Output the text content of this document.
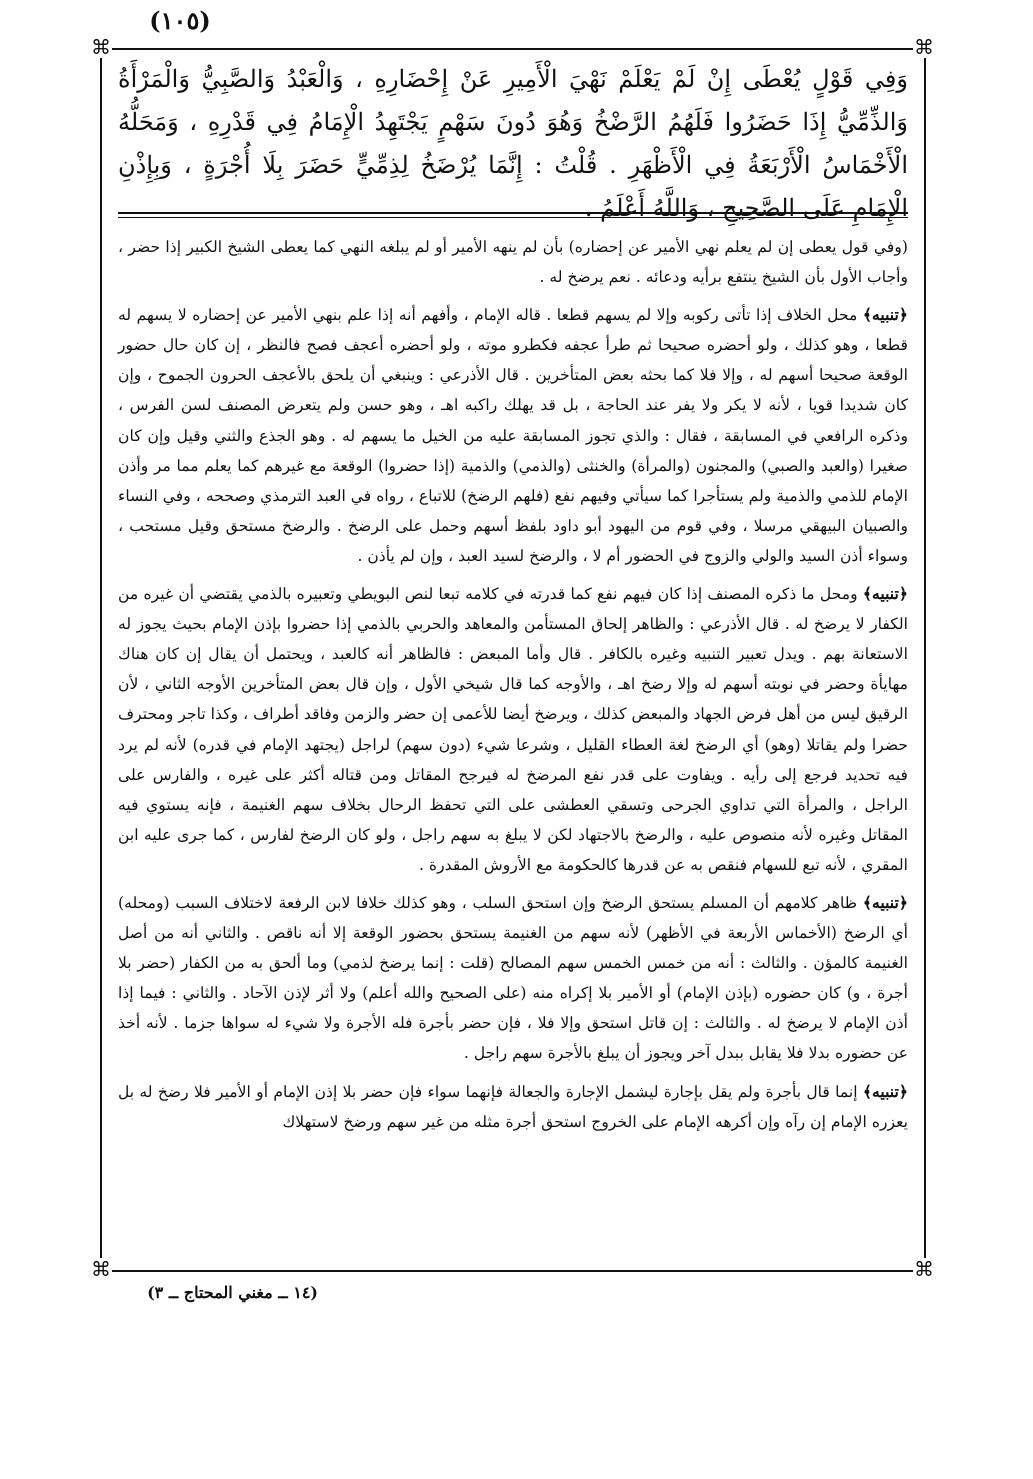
(١٠٥)
⌘	⌘
⌘	⌘
وَفِي قَوْلٍ يُعْطَى إِنْ لَمْ يَعْلَمْ نَهْيَ الْأَمِيرِ عَنْ إِحْضَارِهِ ، وَالْعَبْدُ وَالصَّبِيُّ وَالْمَرْأَةُ وَالذِّمِّيُّ إِذَا حَضَرُوا فَلَهُمُ الرَّضْخُ وَهُوَ دُونَ سَهْمٍ يَجْتَهِدُ الْإِمَامُ فِي قَدْرِهِ ، وَمَحَلُّهُ الْأَخْمَاسُ الْأَرْبَعَةُ فِي الْأَظْهَرِ . قُلْتُ : إِنَّمَا يُرْضَخُ لِذِمِّيٍّ حَضَرَ بِلَا أُجْرَةٍ ، وَبِإِذْنِ الْإِمَامِ عَلَى الصَّحِيحِ ، وَاللَّهُ أَعْلَمُ .

(وفي قول يعطى إن لم يعلم نهي الأمير عن إحضاره) بأن لم ينهه الأمير أو لم يبلغه النهي كما يعطى الشيخ الكبير إذا حضر ، وأجاب الأول بأن الشيخ ينتفع برأيه ودعائه . نعم يرضخ له .

﴿تنبيه﴾ محل الخلاف إذا تأتى ركوبه وإلا لم يسهم قطعا . قاله الإمام ، وأفهم أنه إذا علم بنهي الأمير عن إحضاره لا يسهم له قطعا ، وهو كذلك ، ولو أحضره صحيحا ثم طرأ عجفه فكطرو موته ، ولو أحضره أعجف فصح فالنظر ، إن كان حال حضور الوقعة صحيحا أسهم له ، وإلا فلا كما بحثه بعض المتأخرين . قال الأذرعي : وينبغي أن يلحق بالأعجف الحرون الجموح ، وإن كان شديدا قويا ، لأنه لا يكر ولا يفر عند الحاجة ، بل قد يهلك راكبه اهـ ، وهو حسن ولم يتعرض المصنف لسن الفرس ، وذكره الرافعي في المسابقة ، فقال : والذي تجوز المسابقة عليه من الخيل ما يسهم له . وهو الجذع والثني وقيل وإن كان صغيرا (والعبد والصبي) والمجنون (والمرأة) والخنثى (والذمي) والذمية (إذا حضروا) الوقعة مع غيرهم كما يعلم مما مر وأذن الإمام للذمي والذمية ولم يستأجرا كما سيأتي وفيهم نفع (فلهم الرضخ) للاتباع ، رواه في العبد الترمذي وصححه ، وفي النساء والصبيان البيهقي مرسلا ، وفي قوم من اليهود أبو داود بلفظ أسهم وحمل على الرضخ . والرضخ مستحق وقيل مستحب ، وسواء أذن السيد والولي والزوج في الحضور أم لا ، والرضخ لسيد العبد ، وإن لم يأذن .

﴿تنبيه﴾ ومحل ما ذكره المصنف إذا كان فيهم نفع كما قدرته في كلامه تبعا لنص البويطي وتعبيره بالذمي يقتضي أن غيره من الكفار لا يرضخ له . قال الأذرعي : والظاهر إلحاق المستأمن والمعاهد والحربي بالذمي إذا حضروا بإذن الإمام بحيث يجوز له الاستعانة بهم . ويدل تعبير التنبيه وغيره بالكافر . قال وأما المبعض : فالظاهر أنه كالعبد ، ويحتمل أن يقال إن كان هناك مهايأة وحضر في نوبته أسهم له وإلا رضخ اهـ ، والأوجه كما قال شيخي الأول ، وإن قال بعض المتأخرين الأوجه الثاني ، لأن الرقيق ليس من أهل فرض الجهاد والمبعض كذلك ، ويرضخ أيضا للأعمى إن حضر والزمن وفاقد أطراف ، وكذا تاجر ومحترف حضرا ولم يقاتلا (وهو) أي الرضخ لغة العطاء القليل ، وشرعا شيء (دون سهم) لراجل (يجتهد الإمام في قدره) لأنه لم يرد فيه تحديد فرجع إلى رأيه . ويفاوت على قدر نفع المرضخ له فيرجح المقاتل ومن قتاله أكثر على غيره ، والفارس على الراجل ، والمرأة التي تداوي الجرحى وتسقي العطشى على التي تحفظ الرحال بخلاف سهم الغنيمة ، فإنه يستوي فيه المقاتل وغيره لأنه منصوص عليه ، والرضخ بالاجتهاد لكن لا يبلغ به سهم راجل ، ولو كان الرضخ لفارس ، كما جرى عليه ابن المقري ، لأنه تبع للسهام فنقص به عن قدرها كالحكومة مع الأروش المقدرة .

﴿تنبيه﴾ ظاهر كلامهم أن المسلم يستحق الرضخ وإن استحق السلب ، وهو كذلك خلافا لابن الرفعة لاختلاف السبب (ومحله) أي الرضخ (الأخماس الأربعة في الأظهر) لأنه سهم من الغنيمة يستحق بحضور الوقعة إلا أنه ناقص . والثاني أنه من أصل الغنيمة كالمؤن . والثالث : أنه من خمس الخمس سهم المصالح (قلت : إنما يرضخ لذمي) وما ألحق به من الكفار (حضر بلا أجرة ، و) كان حضوره (بإذن الإمام) أو الأمير بلا إكراه منه (على الصحيح والله أعلم) ولا أثر لإذن الآحاد . والثاني : فيما إذا أذن الإمام لا يرضخ له . والثالث : إن قاتل استحق وإلا فلا ، فإن حضر بأجرة فله الأجرة ولا شيء له سواها جزما . لأنه أخذ عن حضوره بدلا فلا يقابل ببدل آخر ويجوز أن يبلغ بالأجرة سهم راجل .

﴿تنبيه﴾ إنما قال بأجرة ولم يقل بإجارة ليشمل الإجارة والجعالة فإنهما سواء فإن حضر بلا إذن الإمام أو الأمير فلا رضخ له بل يعزره الإمام إن رآه وإن أكرهه الإمام على الخروج استحق أجرة مثله من غير سهم ورضخ لاستهلاك

(١٤ ــ مغني المحتاج ــ ٣)
